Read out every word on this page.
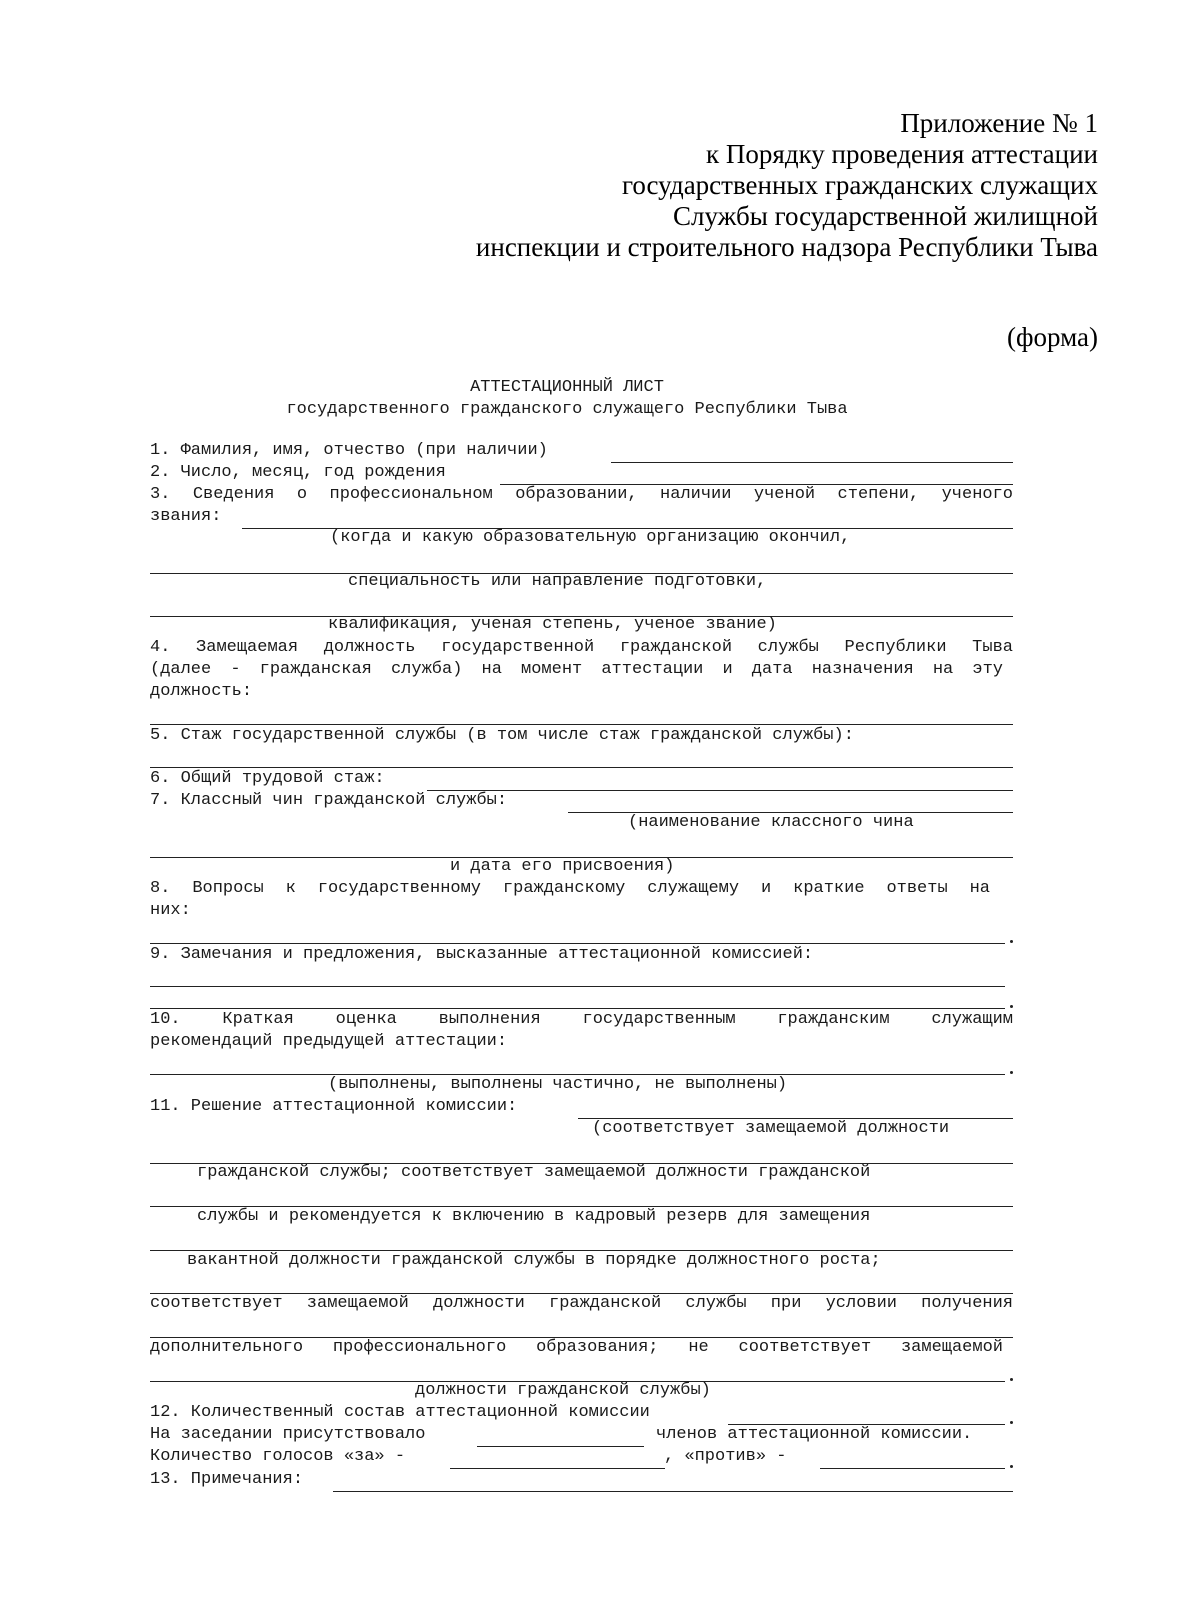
Приложение № 1
к Порядку проведения аттестации
государственных гражданских служащих
Службы государственной жилищной
инспекции и строительного надзора Республики Тыва
(форма)
АТТЕСТАЦИОННЫЙ ЛИСТ
государственного гражданского служащего Республики Тыва
1. Фамилия, имя, отчество (при наличии)
2. Число, месяц, год рождения
3. Сведения о профессиональном образовании, наличии ученой степени, ученого
звания:
(когда и какую образовательную организацию окончил,
специальность или направление подготовки,
квалификация, ученая степень, ученое звание)
4. Замещаемая должность государственной гражданской службы Республики Тыва
(далее - гражданская служба) на момент аттестации и дата назначения на эту
должность:
5. Стаж государственной службы (в том числе стаж гражданской службы):
6. Общий трудовой стаж:
7. Классный чин гражданской службы:
(наименование классного чина
и дата его присвоения)
8. Вопросы к государственному гражданскому служащему и краткие ответы на
них:
9. Замечания и предложения, высказанные аттестационной комиссией:
10. Краткая оценка выполнения государственным гражданским служащим
рекомендаций предыдущей аттестации:
(выполнены, выполнены частично, не выполнены)
11. Решение аттестационной комиссии:
(соответствует замещаемой должности
гражданской службы; соответствует замещаемой должности гражданской
службы и рекомендуется к включению в кадровый резерв для замещения
вакантной должности гражданской службы в порядке должностного роста;
соответствует замещаемой должности гражданской службы при условии получения
дополнительного профессионального образования; не соответствует замещаемой
должности гражданской службы)
12. Количественный состав аттестационной комиссии
На заседании присутствовало	членов аттестационной комиссии.
Количество голосов «за» -	, «против» -
13. Примечания:
